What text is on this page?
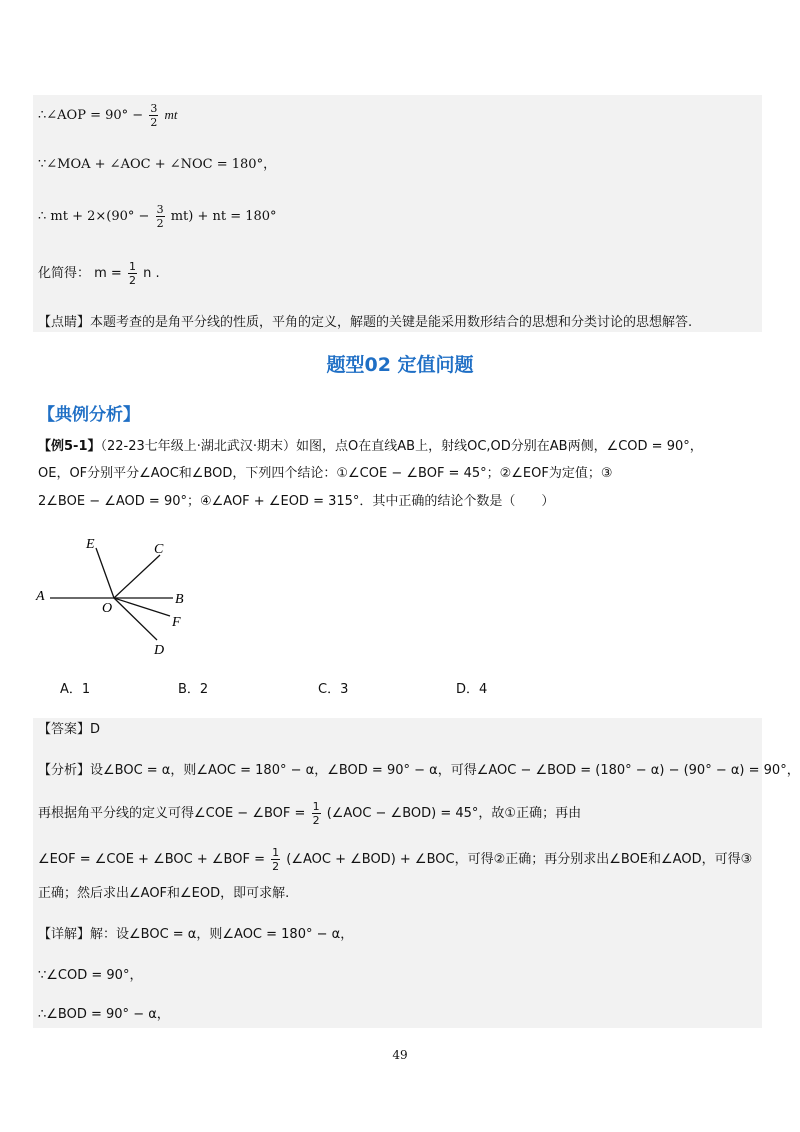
∴∠AOP = $90^\circ - \frac{3}{2}$ mt
∵∠MOA + ∠AOC + ∠NOC = 180°，
∴ mt + $2\times(90^\circ - \frac{3}{2} mt)$ + nt = 180°
化简得： $m = \frac{1}{2}$ n .
【点睛】本题考查的是角平分线的性质，平角的定义，解题的关键是能采用数形结合的思想和分类讨论的思想解答.
题型02 定值问题
【典例分析】
【例5-1】（22-23七年级上·湖北武汉·期末）如图，点O在直线AB上，射线OC,OD分别在AB两侧，∠COD = 90°，
OE，OF分别平分∠AOC和∠BOD，下列四个结论：①∠COE − ∠BOF = 45°；②∠EOF为定值；③
2∠BOE − ∠AOD = 90°；④∠AOF + ∠EOD = 315°．其中正确的结论个数是（　　）
A	B
C
D
E
F
O
A．1	B．2	C．3	D．4
【答案】D
【分析】设∠BOC = α，则∠AOC = 180° − α，∠BOD = 90° − α，可得∠AOC − ∠BOD = (180° − α) − (90° − α) = 90°，
再根据角平分线的定义可得∠COE − ∠BOF = $\frac{1}{2}$ (∠AOC − ∠BOD) = 45°，故①正确；再由
∠EOF = ∠COE + ∠BOC + ∠BOF = $\frac{1}{2}$ (∠AOC + ∠BOD) + ∠BOC，可得②正确；再分别求出∠BOE和∠AOD，可得③
正确；然后求出∠AOF和∠EOD，即可求解.
【详解】解：设∠BOC = α，则∠AOC = 180° − α，
∵∠COD = 90°，
∴∠BOD = 90° − α，
49
